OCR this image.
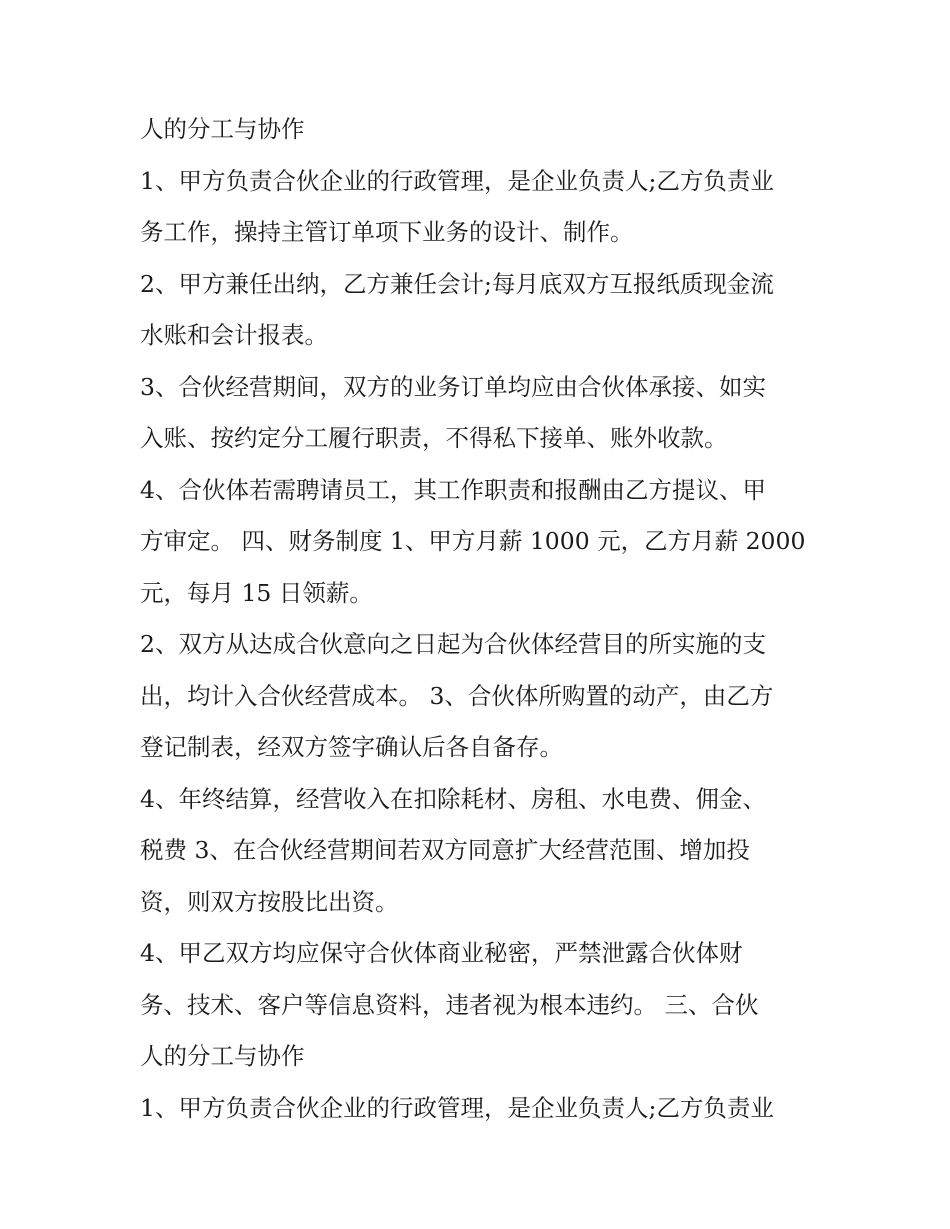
人的分工与协作
1、甲方负责合伙企业的行政管理，是企业负责人;乙方负责业
务工作，操持主管订单项下业务的设计、制作。
2、甲方兼任出纳，乙方兼任会计;每月底双方互报纸质现金流
水账和会计报表。
3、合伙经营期间，双方的业务订单均应由合伙体承接、如实
入账、按约定分工履行职责，不得私下接单、账外收款。
4、合伙体若需聘请员工，其工作职责和报酬由乙方提议、甲
方审定。 四、财务制度 1、甲方月薪 1000 元，乙方月薪 2000
元，每月 15 日领薪。
2、双方从达成合伙意向之日起为合伙体经营目的所实施的支
出，均计入合伙经营成本。 3、合伙体所购置的动产，由乙方
登记制表，经双方签字确认后各自备存。
4、年终结算，经营收入在扣除耗材、房租、水电费、佣金、
税费 3、在合伙经营期间若双方同意扩大经营范围、增加投
资，则双方按股比出资。
4、甲乙双方均应保守合伙体商业秘密，严禁泄露合伙体财
务、技术、客户等信息资料，违者视为根本违约。 三、合伙
人的分工与协作
1、甲方负责合伙企业的行政管理，是企业负责人;乙方负责业
